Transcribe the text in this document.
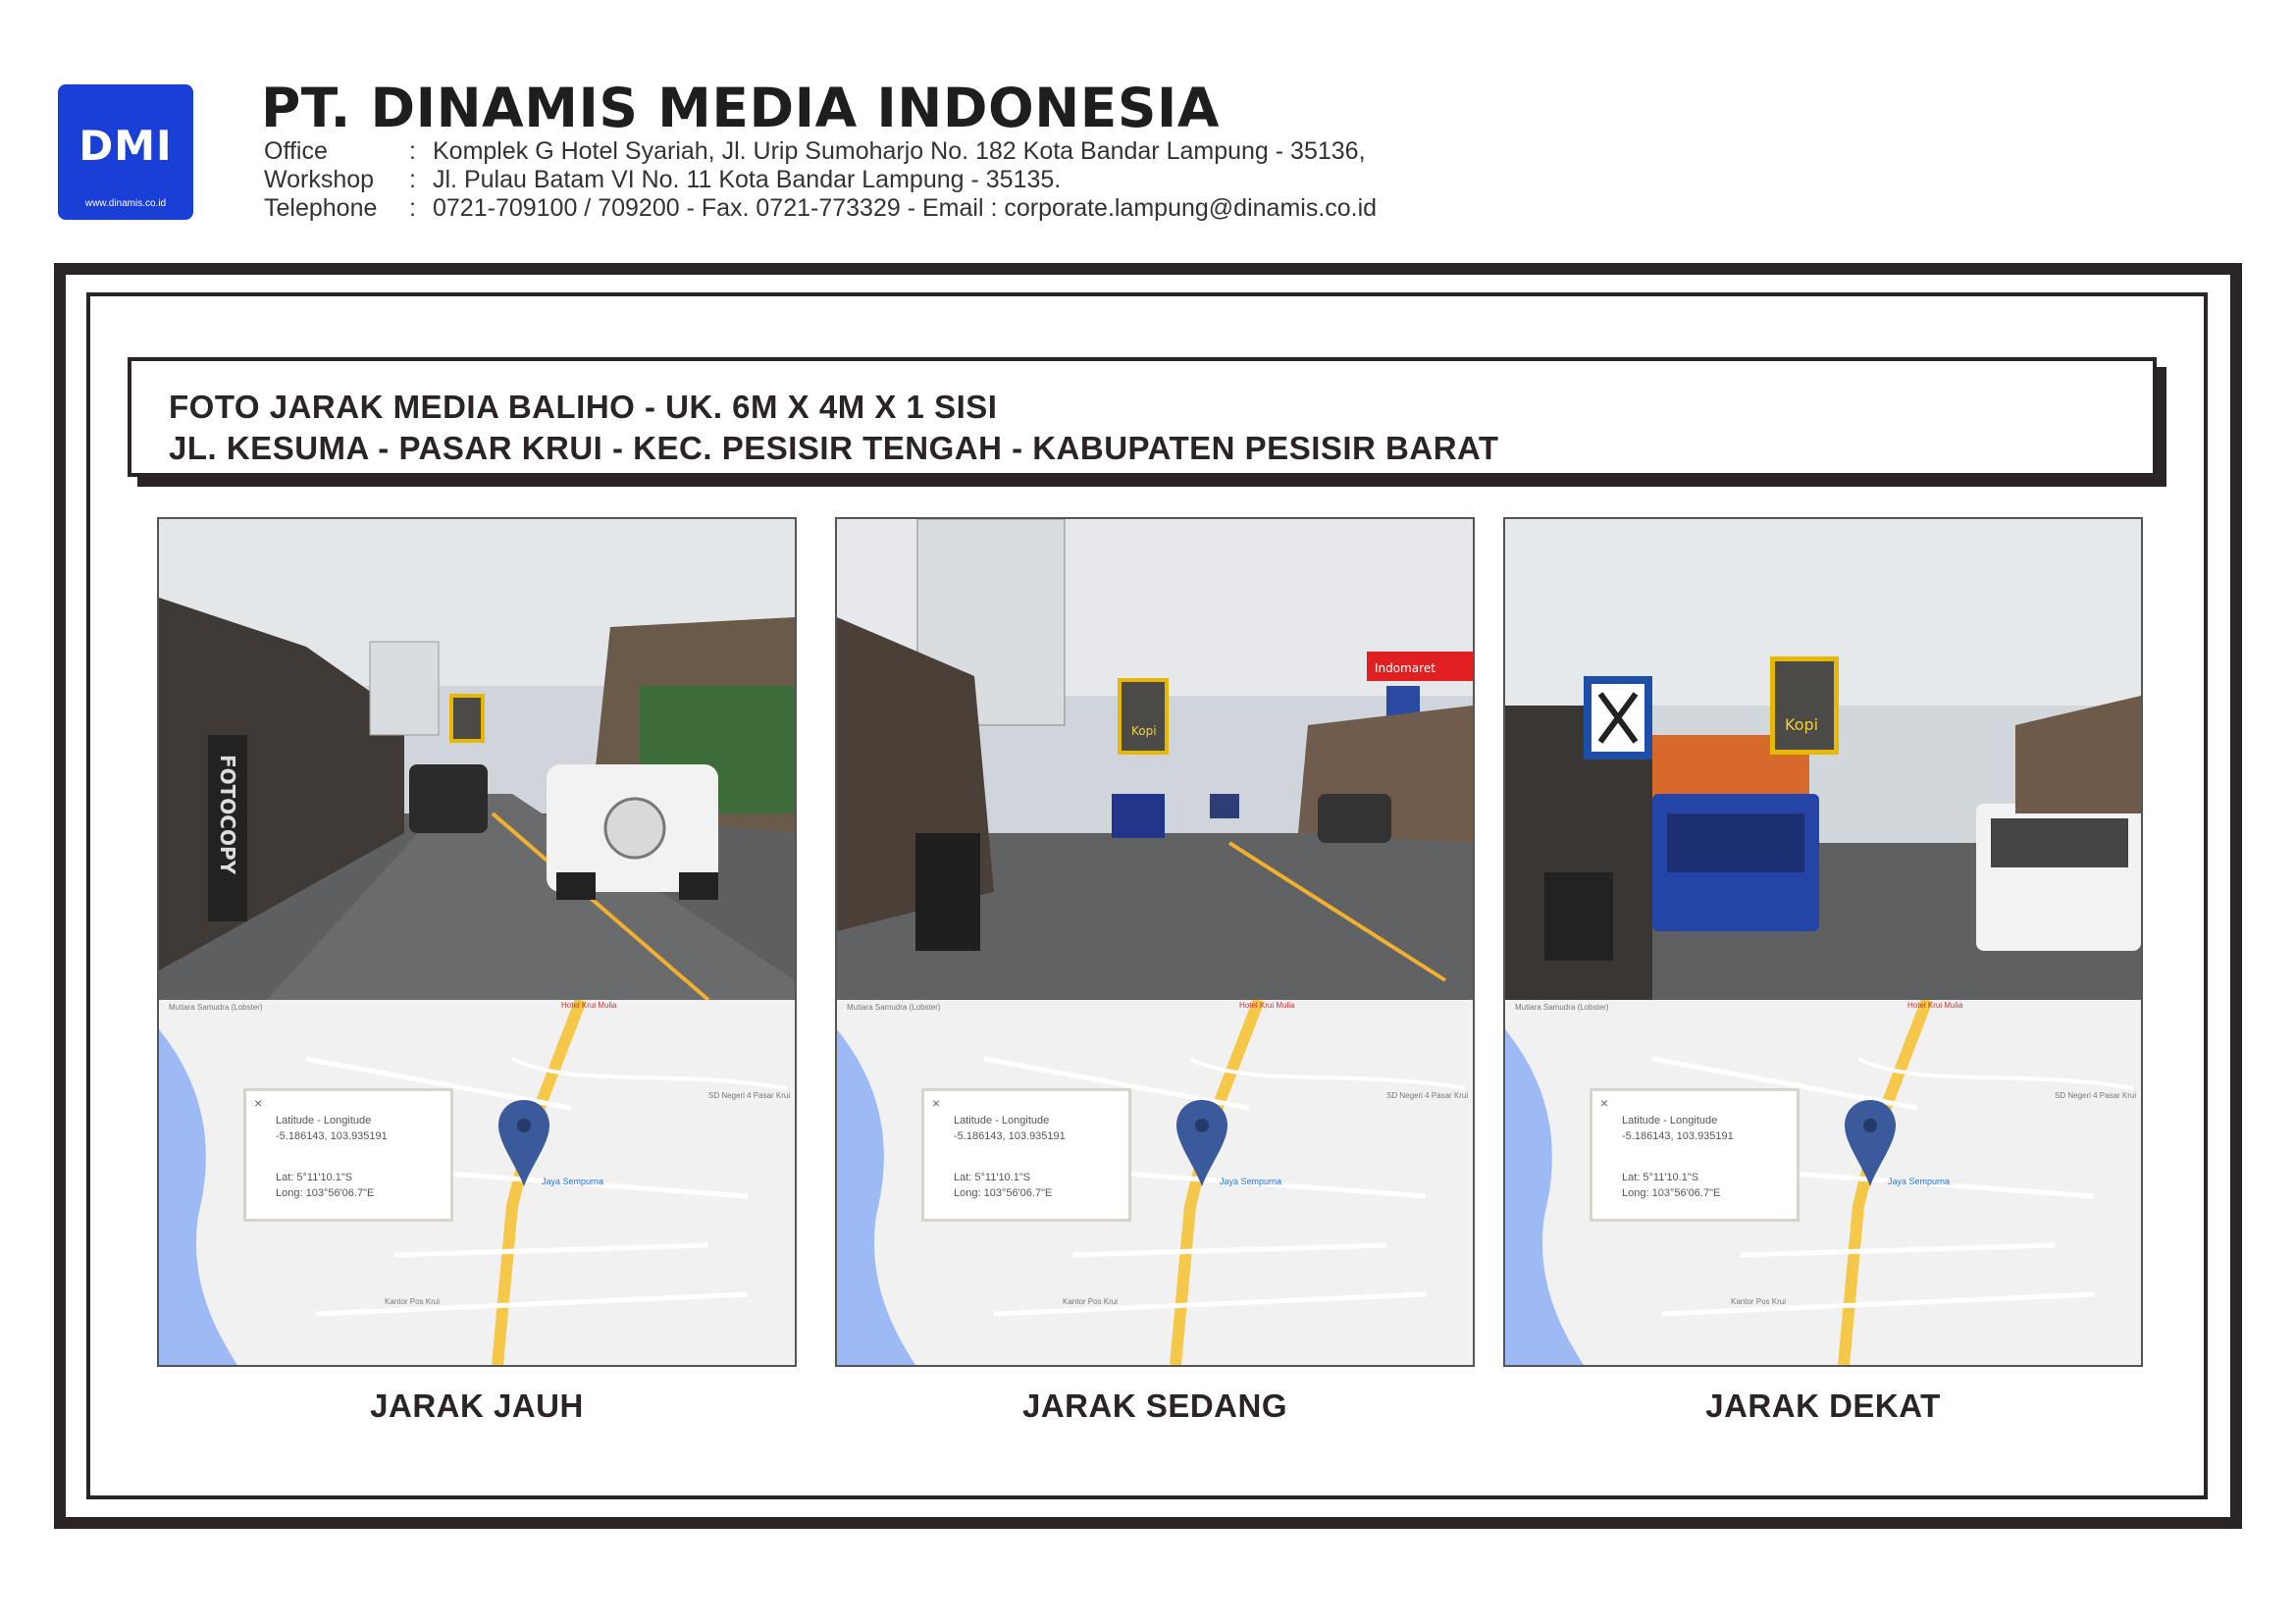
DMI
www.dinamis.co.id
PT. DINAMIS MEDIA INDONESIA
Office	: Komplek G Hotel Syariah, Jl. Urip Sumoharjo No. 182 Kota Bandar Lampung - 35136,
Workshop	: Jl. Pulau Batam VI No. 11 Kota Bandar Lampung - 35135.
Telephone	: 0721-709100 / 709200 - Fax. 0721-773329 - Email : corporate.lampung@dinamis.co.id
FOTO JARAK MEDIA BALIHO - UK. 6M X 4M X 1 SISI
JL. KESUMA - PASAR KRUI - KEC. PESISIR TENGAH - KABUPATEN PESISIR BARAT
FOTOCOPY
Jaya Sempurna
Mutiara Samudra (Lobster)	Hotel Krui Mulia
SD Negeri 4 Pasar Krui
Kantor Pos Krui
×
Latitude - Longitude
-5.186143, 103.935191
Lat: 5°11'10.1"S
Long: 103°56'06.7"E
JARAK JAUH
Kopi
Indomaret
Jaya Sempurna
Mutiara Samudra (Lobster)	Hotel Krui Mulia
SD Negeri 4 Pasar Krui
Kantor Pos Krui
×
Latitude - Longitude
-5.186143, 103.935191
Lat: 5°11'10.1"S
Long: 103°56'06.7"E
JARAK SEDANG
Kopi
Jaya Sempurna
Mutiara Samudra (Lobster)	Hotel Krui Mulia
SD Negeri 4 Pasar Krui
Kantor Pos Krui
×
Latitude - Longitude
-5.186143, 103.935191
Lat: 5°11'10.1"S
Long: 103°56'06.7"E
JARAK DEKAT
